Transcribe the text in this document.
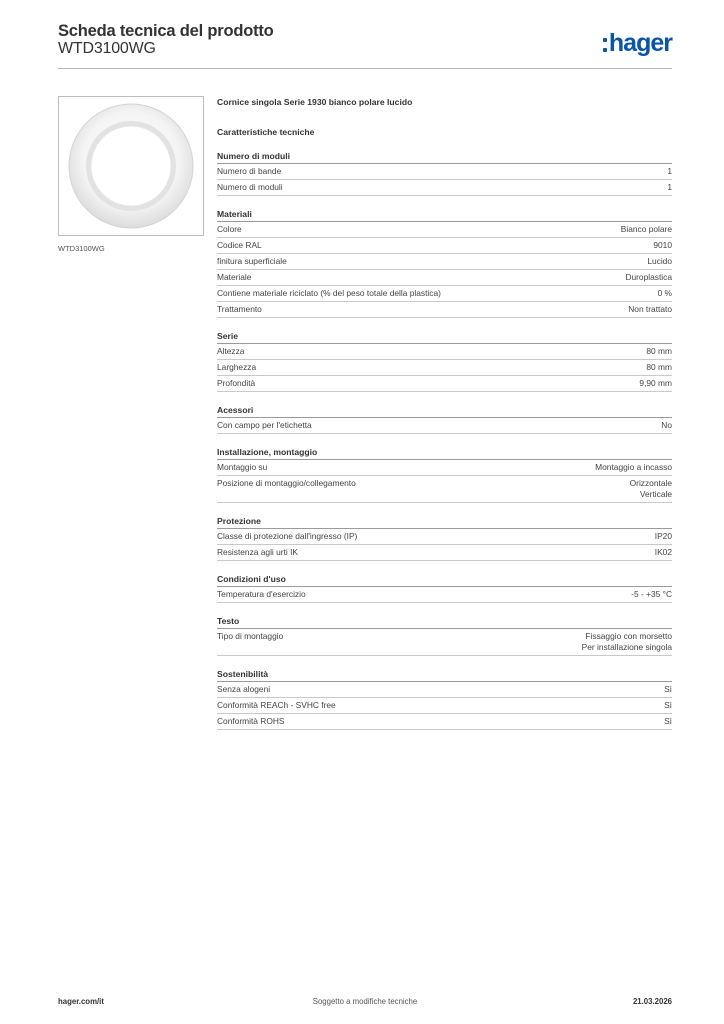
Scheda tecnica del prodotto
WTD3100WG	hager
WTD3100WG
Cornice singola Serie 1930 bianco polare lucido
Caratteristiche tecniche
Numero di moduli
Numero di bande	1
Numero di moduli	1
Materiali
Colore	Bianco polare
Codice RAL	9010
finitura superficiale	Lucido
Materiale	Duroplastica
Contiene materiale riciclato (% del peso totale della plastica)	0 %
Trattamento	Non trattato
Serie
Altezza	80 mm
Larghezza	80 mm
Profondità	9,90 mm
Acessori
Con campo per l'etichetta	No
Installazione, montaggio
Montaggio su	Montaggio a incasso
Posizione di montaggio/collegamento	Orizzontale
Verticale
Protezione
Classe di protezione dall'ingresso (IP)	IP20
Resistenza agli urti IK	IK02
Condizioni d'uso
Temperatura d'esercizio	-5 - +35 °C
Testo
Tipo di montaggio	Fissaggio con morsetto
Per installazione singola
Sostenibilità
Senza alogeni	Sì
Conformità REACh - SVHC free	Sì
Conformità ROHS	Sì
Soggetto a modifiche tecniche
hager.com/it	21.03.2026
